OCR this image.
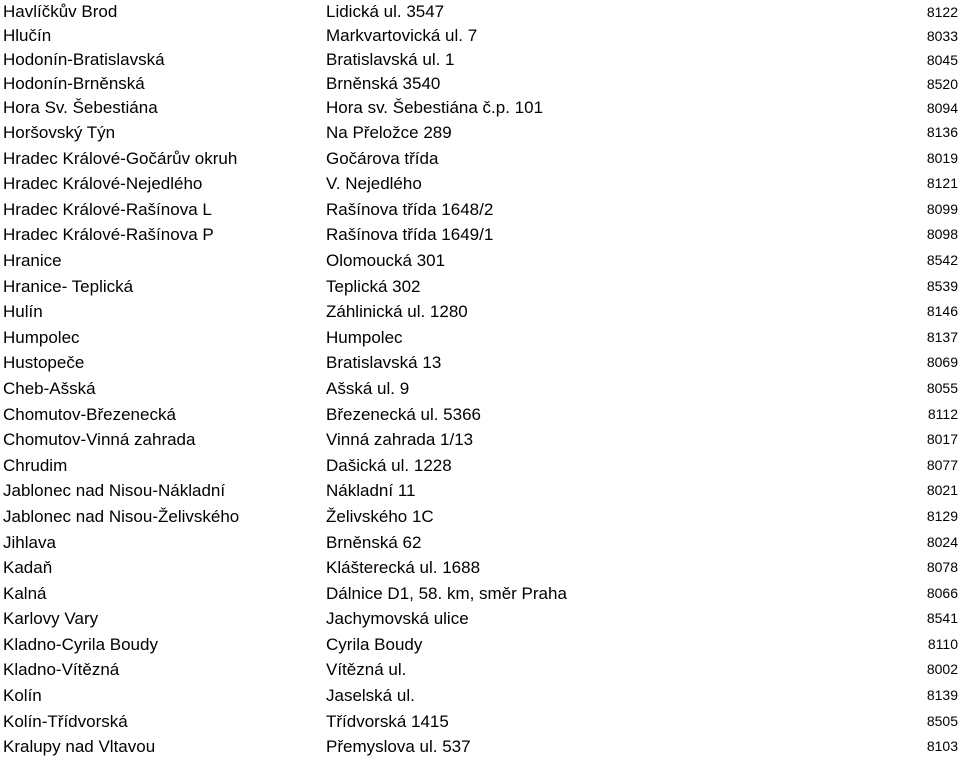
Havlíčkův Brod	Lidická ul. 3547	8122
Hlučín	Markvartovická ul. 7	8033
Hodonín-Bratislavská	Bratislavská ul. 1	8045
Hodonín-Brněnská	Brněnská 3540	8520
Hora Sv. Šebestiána	Hora sv. Šebestiána č.p. 101	8094
Horšovský Týn	Na Přeložce 289	8136
Hradec Králové-Gočárův okruh	Gočárova třída	8019
Hradec Králové-Nejedlého	V. Nejedlého	8121
Hradec Králové-Rašínova L	Rašínova třída 1648/2	8099
Hradec Králové-Rašínova P	Rašínova třída 1649/1	8098
Hranice	Olomoucká 301	8542
Hranice- Teplická	Teplická 302	8539
Hulín	Záhlinická ul. 1280	8146
Humpolec	Humpolec	8137
Hustopeče	Bratislavská 13	8069
Cheb-Ašská	Ašská ul. 9	8055
Chomutov-Březenecká	Březenecká ul. 5366	8112
Chomutov-Vinná zahrada	Vinná zahrada 1/13	8017
Chrudim	Dašická ul. 1228	8077
Jablonec nad Nisou-Nákladní	Nákladní 11	8021
Jablonec nad Nisou-Želivského	Želivského 1C	8129
Jihlava	Brněnská 62	8024
Kadaň	Klášterecká ul. 1688	8078
Kalná	Dálnice D1, 58. km, směr Praha	8066
Karlovy Vary	Jachymovská ulice	8541
Kladno-Cyrila Boudy	Cyrila Boudy	8110
Kladno-Vítězná	Vítězná ul.	8002
Kolín	Jaselská ul.	8139
Kolín-Třídvorská	Třídvorská 1415	8505
Kralupy nad Vltavou	Přemyslova ul. 537	8103
